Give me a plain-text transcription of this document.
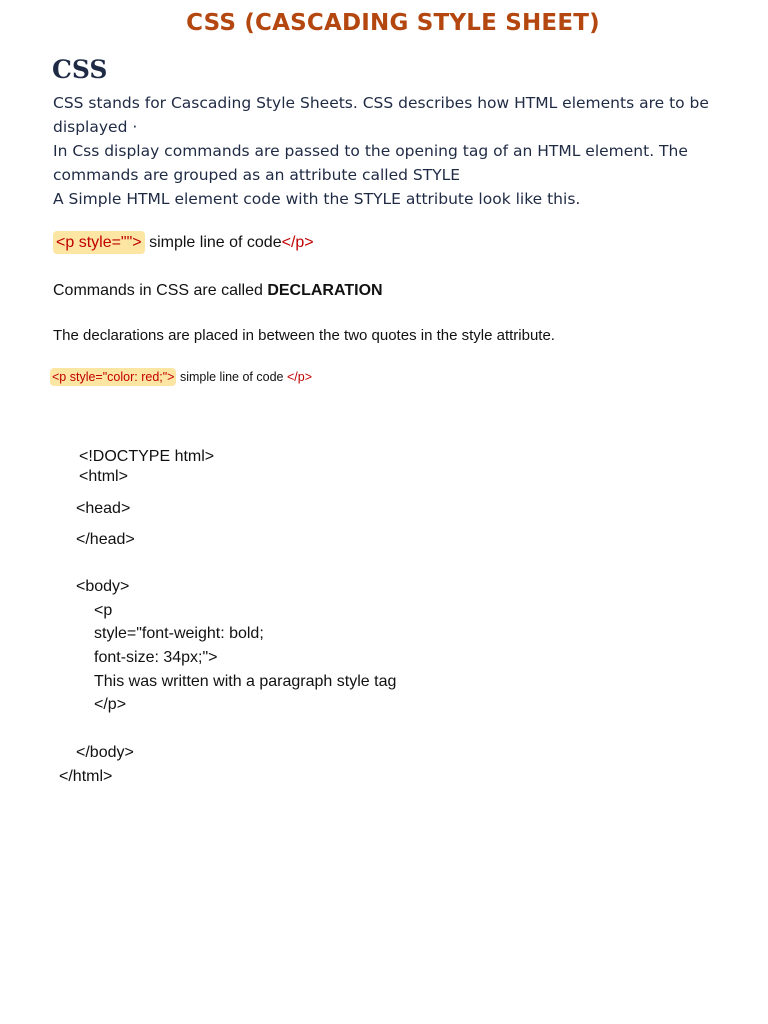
CSS (CASCADING STYLE SHEET)
CSS
CSS stands for Cascading Style Sheets. CSS describes how HTML elements are to be
displayed ·
In Css display commands are passed to the opening tag of an HTML element. The
commands are grouped as an attribute called STYLE
A Simple HTML element code with the STYLE attribute look like this.
<p style=""> simple line of code</p>
Commands in CSS are called DECLARATION
The declarations are placed in between the two quotes in the style attribute.
<p style="color: red;"> simple line of code </p>
<!DOCTYPE html>
<html>
<head>
</head>
<body>
<p
style="font-weight: bold;
font-size: 34px;">
This was written with a paragraph style tag
</p>
</body>
</html>
